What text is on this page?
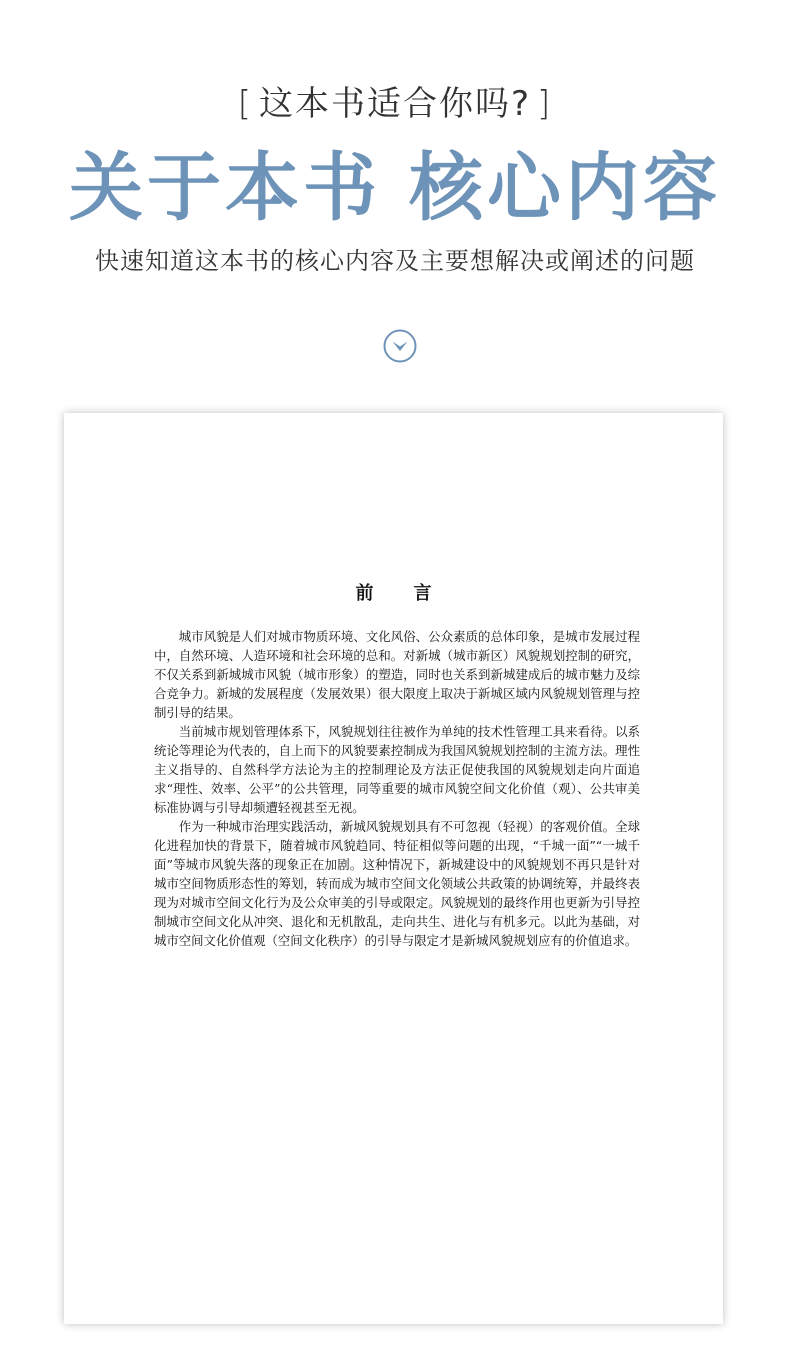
[ 这本书适合你吗? ]
关于本书 核心内容
快速知道这本书的核心内容及主要想解决或阐述的问题
前言

城市风貌是人们对城市物质环境、文化风俗、公众素质的总体印象，是城市发展过程中，自然环境、人造环境和社会环境的总和。对新城（城市新区）风貌规划控制的研究，不仅关系到新城城市风貌（城市形象）的塑造，同时也关系到新城建成后的城市魅力及综合竞争力。新城的发展程度（发展效果）很大限度上取决于新城区域内风貌规划管理与控制引导的结果。

当前城市规划管理体系下，风貌规划往往被作为单纯的技术性管理工具来看待。以系统论等理论为代表的，自上而下的风貌要素控制成为我国风貌规划控制的主流方法。理性主义指导的、自然科学方法论为主的控制理论及方法正促使我国的风貌规划走向片面追求“理性、效率、公平”的公共管理，同等重要的城市风貌空间文化价值（观）、公共审美标准协调与引导却频遭轻视甚至无视。

作为一种城市治理实践活动，新城风貌规划具有不可忽视（轻视）的客观价值。全球化进程加快的背景下，随着城市风貌趋同、特征相似等问题的出现，“千城一面”“一城千面”等城市风貌失落的现象正在加剧。这种情况下，新城建设中的风貌规划不再只是针对城市空间物质形态性的筹划，转而成为城市空间文化领域公共政策的协调统筹，并最终表现为对城市空间文化行为及公众审美的引导或限定。风貌规划的最终作用也更新为引导控制城市空间文化从冲突、退化和无机散乱，走向共生、进化与有机多元。以此为基础，对城市空间文化价值观（空间文化秩序）的引导与限定才是新城风貌规划应有的价值追求。
